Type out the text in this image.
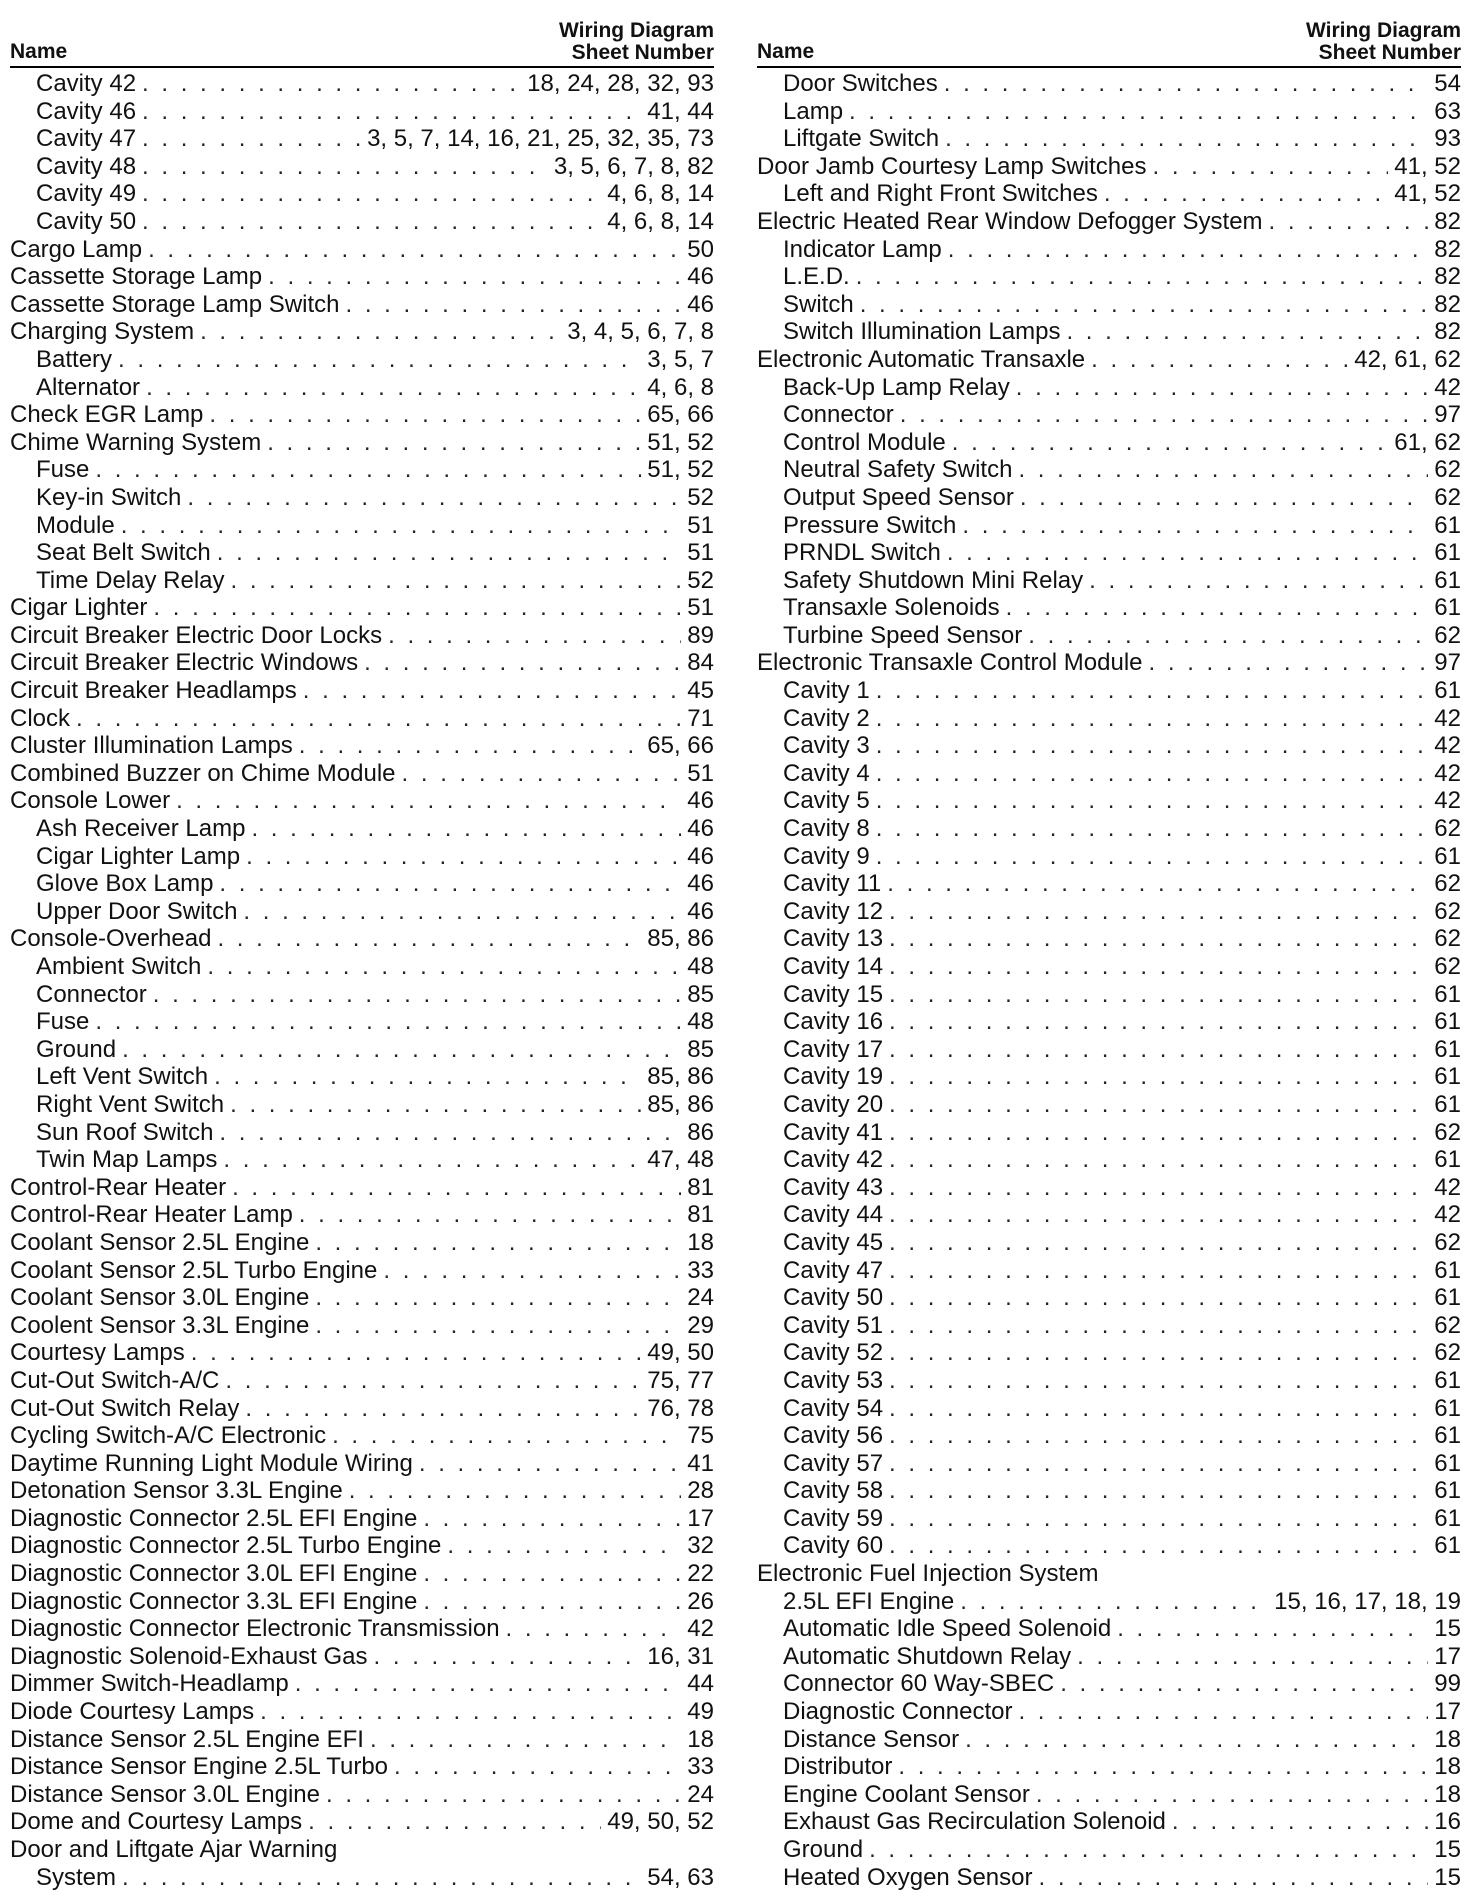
Name
Wiring Diagram
Sheet Number
Cavity 42 . . .	18, 24, 28, 32, 93
Cavity 46 . . .	41, 44
Cavity 47 . . .	3, 5, 7, 14, 16, 21, 25, 32, 35, 73
Cavity 48 . . .	3, 5, 6, 7, 8, 82
Cavity 49 . . .	4, 6, 8, 14
Cavity 50 . . .	4, 6, 8, 14
Cargo Lamp . . .	50
Cassette Storage Lamp . . .	46
Cassette Storage Lamp Switch . . .	46
Charging System . . .	3, 4, 5, 6, 7, 8
Battery . . .	3, 5, 7
Alternator . . .	4, 6, 8
Check EGR Lamp . . .	65, 66
Chime Warning System . . .	51, 52
Fuse . . .	51, 52
Key-in Switch . . .	52
Module . . .	51
Seat Belt Switch . . .	51
Time Delay Relay . . .	52
Cigar Lighter . . .	51
Circuit Breaker Electric Door Locks . . .	89
Circuit Breaker Electric Windows . . .	84
Circuit Breaker Headlamps . . .	45
Clock . . .	71
Cluster Illumination Lamps . . .	65, 66
Combined Buzzer on Chime Module . . .	51
Console Lower . . .	46
Ash Receiver Lamp . . .	46
Cigar Lighter Lamp . . .	46
Glove Box Lamp . . .	46
Upper Door Switch . . .	46
Console-Overhead . . .	85, 86
Ambient Switch . . .	48
Connector . . .	85
Fuse . . .	48
Ground . . .	85
Left Vent Switch . . .	85, 86
Right Vent Switch . . .	85, 86
Sun Roof Switch . . .	86
Twin Map Lamps . . .	47, 48
Control-Rear Heater . . .	81
Control-Rear Heater Lamp . . .	81
Coolant Sensor 2.5L Engine . . .	18
Coolant Sensor 2.5L Turbo Engine . . .	33
Coolant Sensor 3.0L Engine . . .	24
Coolent Sensor 3.3L Engine . . .	29
Courtesy Lamps . . .	49, 50
Cut-Out Switch-A/C . . .	75, 77
Cut-Out Switch Relay . . .	76, 78
Cycling Switch-A/C Electronic . . .	75
Daytime Running Light Module Wiring . . .	41
Detonation Sensor 3.3L Engine . . .	28
Diagnostic Connector 2.5L EFI Engine . . .	17
Diagnostic Connector 2.5L Turbo Engine . . .	32
Diagnostic Connector 3.0L EFI Engine . . .	22
Diagnostic Connector 3.3L EFI Engine . . .	26
Diagnostic Connector Electronic Transmission . . .	42
Diagnostic Solenoid-Exhaust Gas . . .	16, 31
Dimmer Switch-Headlamp . . .	44
Diode Courtesy Lamps . . .	49
Distance Sensor 2.5L Engine EFI . . .	18
Distance Sensor Engine 2.5L Turbo . . .	33
Distance Sensor 3.0L Engine . . .	24
Dome and Courtesy Lamps . . .	49, 50, 52
Door and Liftgate Ajar Warning
System . . .	54, 63
Name
Wiring Diagram
Sheet Number
Door Switches . . .	54
Lamp . . .	63
Liftgate Switch . . .	93
Door Jamb Courtesy Lamp Switches . . .	41, 52
Left and Right Front Switches . . .	41, 52
Electric Heated Rear Window Defogger System . . .	82
Indicator Lamp . . .	82
L.E.D. . . .	82
Switch . . .	82
Switch Illumination Lamps . . .	82
Electronic Automatic Transaxle . . .	42, 61, 62
Back-Up Lamp Relay . . .	42
Connector . . .	97
Control Module . . .	61, 62
Neutral Safety Switch . . .	62
Output Speed Sensor . . .	62
Pressure Switch . . .	61
PRNDL Switch . . .	61
Safety Shutdown Mini Relay . . .	61
Transaxle Solenoids . . .	61
Turbine Speed Sensor . . .	62
Electronic Transaxle Control Module . . .	97
Cavity 1 . . .	61
Cavity 2 . . .	42
Cavity 3 . . .	42
Cavity 4 . . .	42
Cavity 5 . . .	42
Cavity 8 . . .	62
Cavity 9 . . .	61
Cavity 11 . . .	62
Cavity 12 . . .	62
Cavity 13 . . .	62
Cavity 14 . . .	62
Cavity 15 . . .	61
Cavity 16 . . .	61
Cavity 17 . . .	61
Cavity 19 . . .	61
Cavity 20 . . .	61
Cavity 41 . . .	62
Cavity 42 . . .	61
Cavity 43 . . .	42
Cavity 44 . . .	42
Cavity 45 . . .	62
Cavity 47 . . .	61
Cavity 50 . . .	61
Cavity 51 . . .	62
Cavity 52 . . .	62
Cavity 53 . . .	61
Cavity 54 . . .	61
Cavity 56 . . .	61
Cavity 57 . . .	61
Cavity 58 . . .	61
Cavity 59 . . .	61
Cavity 60 . . .	61
Electronic Fuel Injection System
2.5L EFI Engine . . .	15, 16, 17, 18, 19
Automatic Idle Speed Solenoid . . .	15
Automatic Shutdown Relay . . .	17
Connector 60 Way-SBEC . . .	99
Diagnostic Connector . . .	17
Distance Sensor . . .	18
Distributor . . .	18
Engine Coolant Sensor . . .	18
Exhaust Gas Recirculation Solenoid . . .	16
Ground . . .	15
Heated Oxygen Sensor . . .	15
